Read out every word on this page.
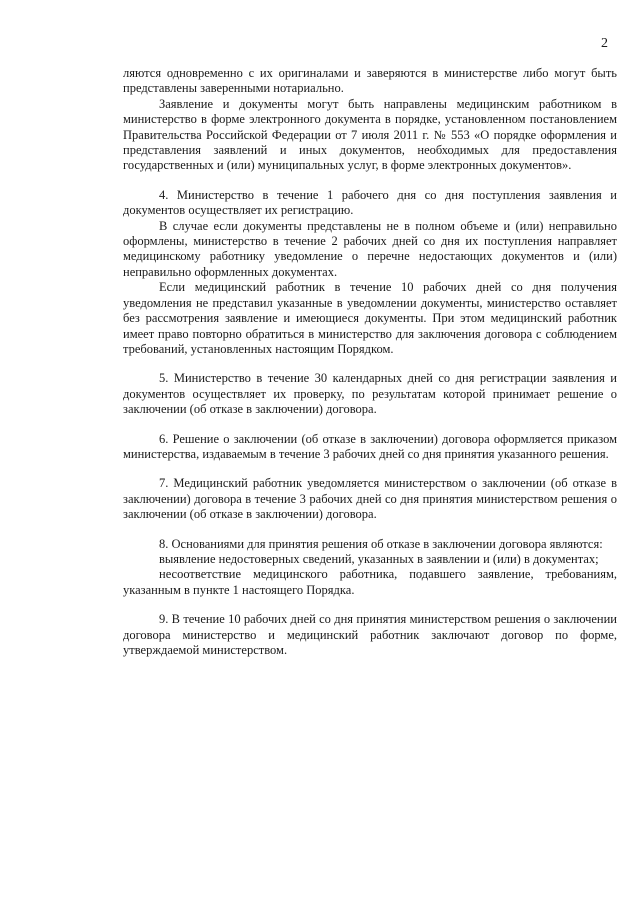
2

ляются одновременно с их оригиналами и заверяются в министерстве либо могут быть представлены заверенными нотариально.

Заявление и документы могут быть направлены медицинским работником в министерство в форме электронного документа в порядке, установленном постановлением Правительства Российской Федерации от 7 июля 2011 г. № 553 «О порядке оформления и представления заявлений и иных документов, необходимых для предоставления государственных и (или) муниципальных услуг, в форме электронных документов».

4. Министерство в течение 1 рабочего дня со дня поступления заявления и документов осуществляет их регистрацию.

В случае если документы представлены не в полном объеме и (или) неправильно оформлены, министерство в течение 2 рабочих дней со дня их поступления направляет медицинскому работнику уведомление о перечне недостающих документов и (или) неправильно оформленных документах.

Если медицинский работник в течение 10 рабочих дней со дня получения уведомления не представил указанные в уведомлении документы, министерство оставляет без рассмотрения заявление и имеющиеся документы. При этом медицинский работник имеет право повторно обратиться в министерство для заключения договора с соблюдением требований, установленных настоящим Порядком.

5. Министерство в течение 30 календарных дней со дня регистрации заявления и документов осуществляет их проверку, по результатам которой принимает решение о заключении (об отказе в заключении) договора.

6. Решение о заключении (об отказе в заключении) договора оформляется приказом министерства, издаваемым в течение 3 рабочих дней со дня принятия указанного решения.

7. Медицинский работник уведомляется министерством о заключении (об отказе в заключении) договора в течение 3 рабочих дней со дня принятия министерством решения о заключении (об отказе в заключении) договора.

8. Основаниями для принятия решения об отказе в заключении договора являются:

выявление недостоверных сведений, указанных в заявлении и (или) в документах;

несоответствие медицинского работника, подавшего заявление, требованиям, указанным в пункте 1 настоящего Порядка.

9. В течение 10 рабочих дней со дня принятия министерством решения о заключении договора министерство и медицинский работник заключают договор по форме, утверждаемой министерством.
